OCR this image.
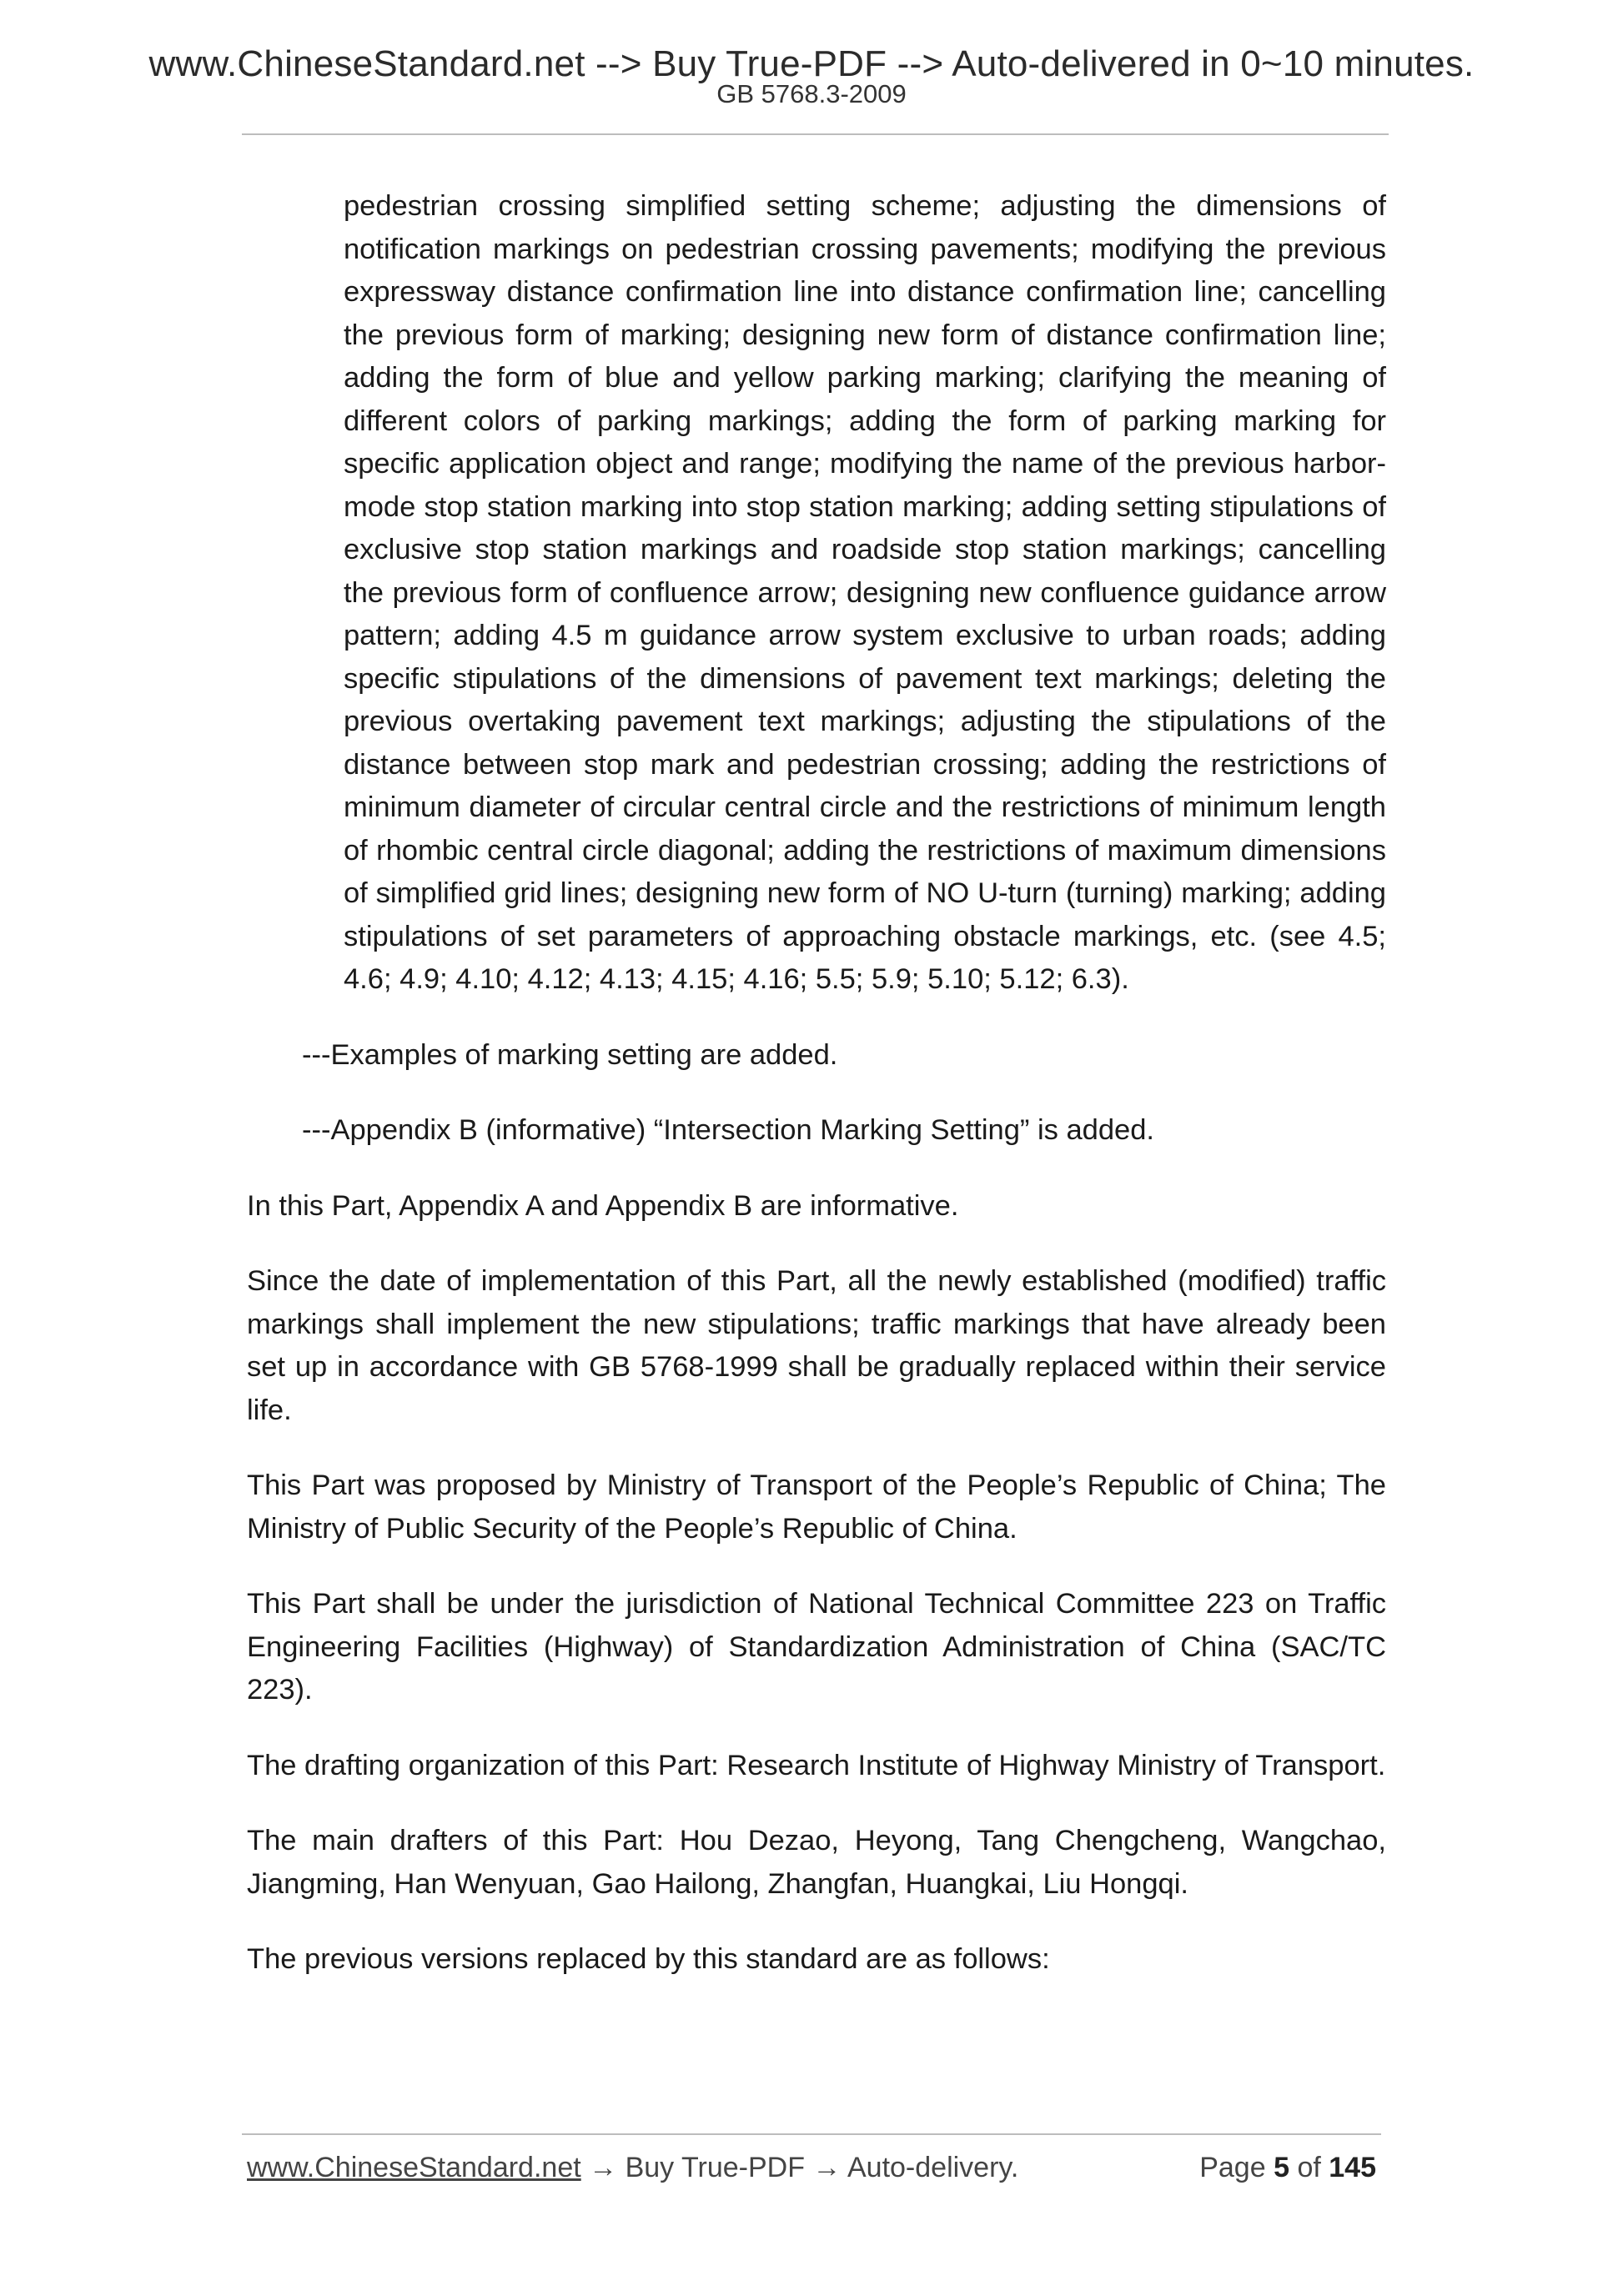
www.ChineseStandard.net --> Buy True-PDF --> Auto-delivered in 0~10 minutes.
GB 5768.3-2009

pedestrian crossing simplified setting scheme; adjusting the dimensions of notification markings on pedestrian crossing pavements; modifying the previous expressway distance confirmation line into distance confirmation line; cancelling the previous form of marking; designing new form of distance confirmation line; adding the form of blue and yellow parking marking; clarifying the meaning of different colors of parking markings; adding the form of parking marking for specific application object and range; modifying the name of the previous harbor-mode stop station marking into stop station marking; adding setting stipulations of exclusive stop station markings and roadside stop station markings; cancelling the previous form of confluence arrow; designing new confluence guidance arrow pattern; adding 4.5 m guidance arrow system exclusive to urban roads; adding specific stipulations of the dimensions of pavement text markings; deleting the previous overtaking pavement text markings; adjusting the stipulations of the distance between stop mark and pedestrian crossing; adding the restrictions of minimum diameter of circular central circle and the restrictions of minimum length of rhombic central circle diagonal; adding the restrictions of maximum dimensions of simplified grid lines; designing new form of NO U-turn (turning) marking; adding stipulations of set parameters of approaching obstacle markings, etc. (see 4.5; 4.6; 4.9; 4.10; 4.12; 4.13; 4.15; 4.16; 5.5; 5.9; 5.10; 5.12; 6.3).

---Examples of marking setting are added.

---Appendix B (informative) “Intersection Marking Setting” is added.

In this Part, Appendix A and Appendix B are informative.

Since the date of implementation of this Part, all the newly established (modified) traffic markings shall implement the new stipulations; traffic markings that have already been set up in accordance with GB 5768-1999 shall be gradually replaced within their service life.

This Part was proposed by Ministry of Transport of the People’s Republic of China; The Ministry of Public Security of the People’s Republic of China.

This Part shall be under the jurisdiction of National Technical Committee 223 on Traffic Engineering Facilities (Highway) of Standardization Administration of China (SAC/TC 223).

The drafting organization of this Part: Research Institute of Highway Ministry of Transport.

The main drafters of this Part: Hou Dezao, Heyong, Tang Chengcheng, Wangchao, Jiangming, Han Wenyuan, Gao Hailong, Zhangfan, Huangkai, Liu Hongqi.

The previous versions replaced by this standard are as follows:

www.ChineseStandard.net → Buy True-PDF → Auto-delivery.	Page 5 of 145
